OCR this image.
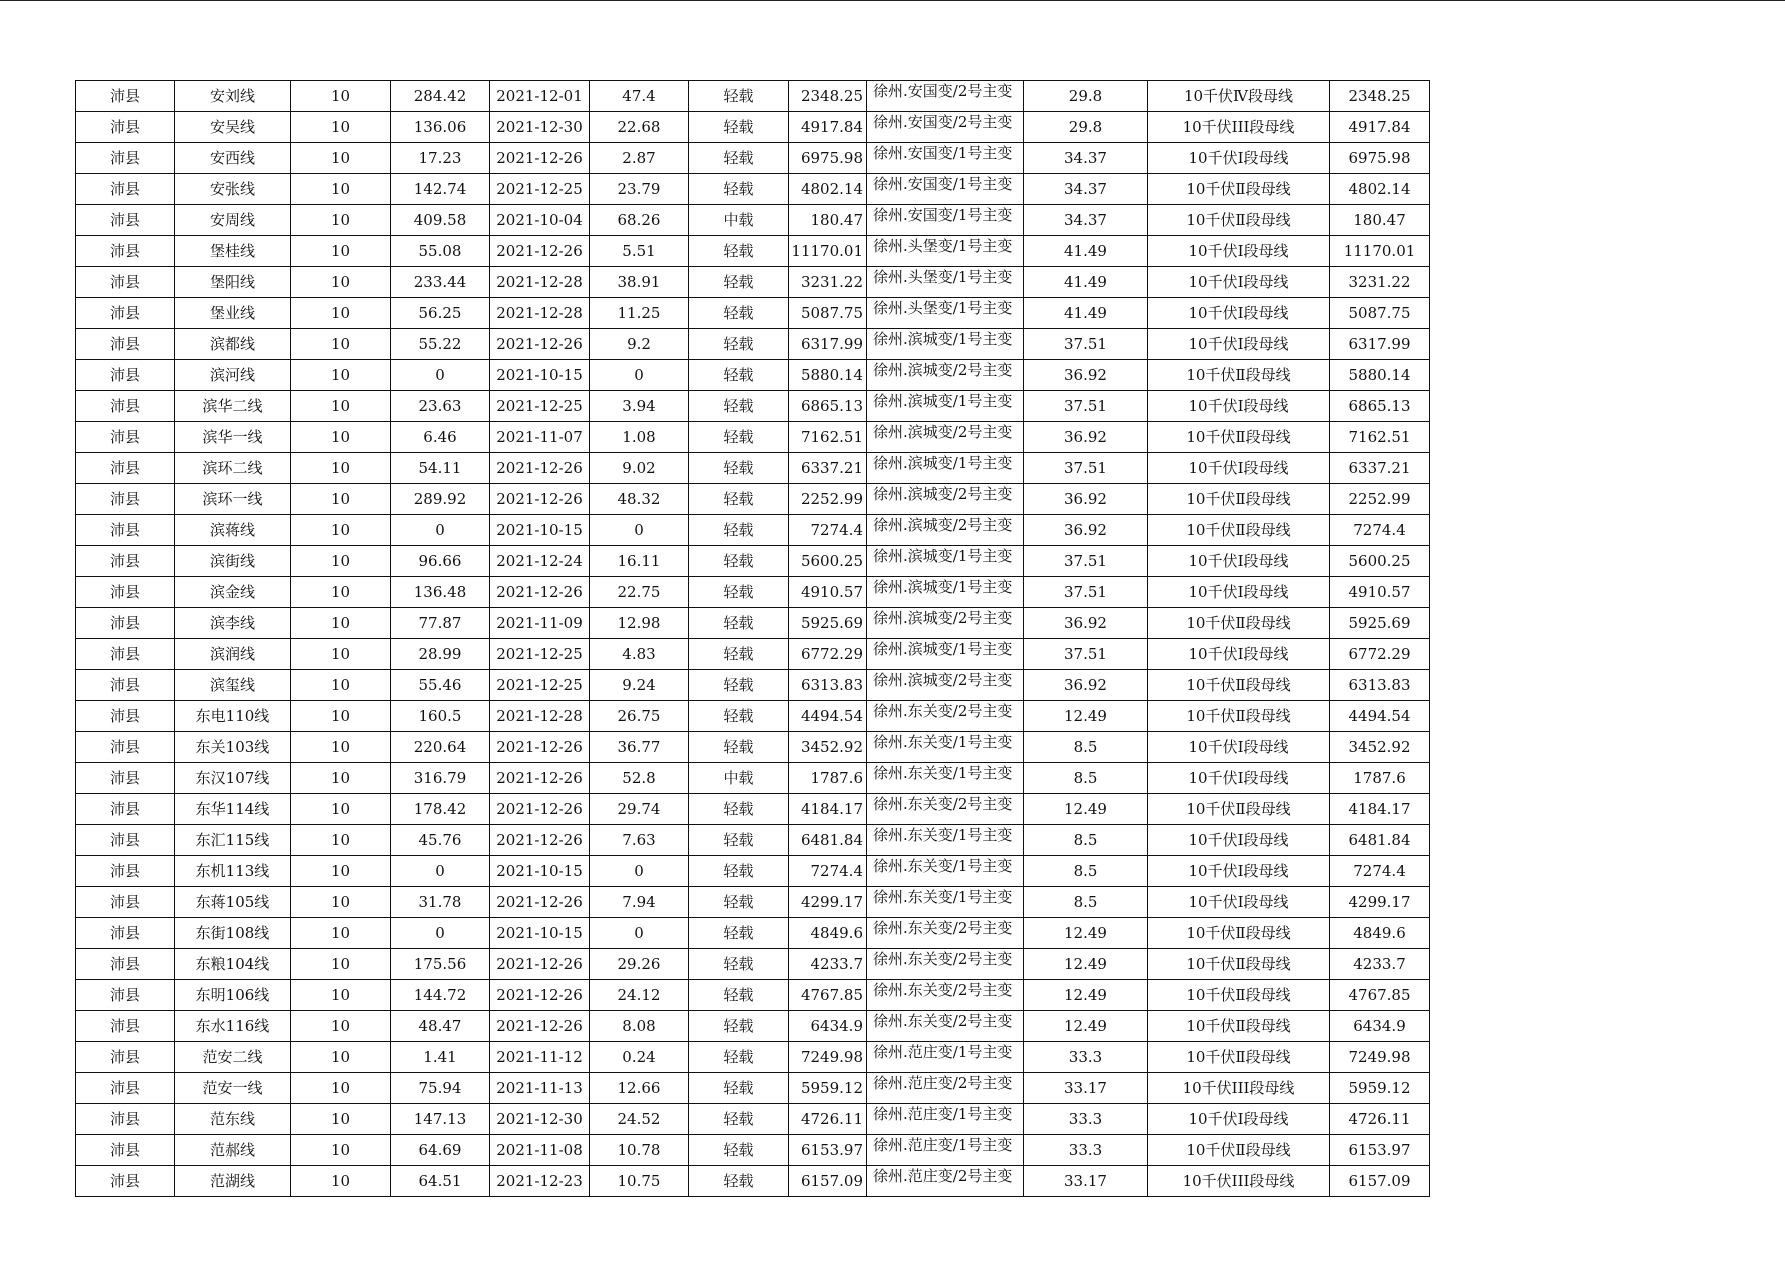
沛县	安刘线	10	284.42	2021-12-01	47.4	轻载	2348.25	徐州.安国变/2号主变	29.8	10千伏Ⅳ段母线	2348.25
沛县	安吴线	10	136.06	2021-12-30	22.68	轻载	4917.84	徐州.安国变/2号主变	29.8	10千伏III段母线	4917.84
沛县	安西线	10	17.23	2021-12-26	2.87	轻载	6975.98	徐州.安国变/1号主变	34.37	10千伏Ⅰ段母线	6975.98
沛县	安张线	10	142.74	2021-12-25	23.79	轻载	4802.14	徐州.安国变/1号主变	34.37	10千伏Ⅱ段母线	4802.14
沛县	安周线	10	409.58	2021-10-04	68.26	中载	180.47	徐州.安国变/1号主变	34.37	10千伏Ⅱ段母线	180.47
沛县	堡桂线	10	55.08	2021-12-26	5.51	轻载	11170.01	徐州.头堡变/1号主变	41.49	10千伏Ⅰ段母线	11170.01
沛县	堡阳线	10	233.44	2021-12-28	38.91	轻载	3231.22	徐州.头堡变/1号主变	41.49	10千伏Ⅰ段母线	3231.22
沛县	堡业线	10	56.25	2021-12-28	11.25	轻载	5087.75	徐州.头堡变/1号主变	41.49	10千伏Ⅰ段母线	5087.75
沛县	滨都线	10	55.22	2021-12-26	9.2	轻载	6317.99	徐州.滨城变/1号主变	37.51	10千伏Ⅰ段母线	6317.99
沛县	滨河线	10	0	2021-10-15	0	轻载	5880.14	徐州.滨城变/2号主变	36.92	10千伏Ⅱ段母线	5880.14
沛县	滨华二线	10	23.63	2021-12-25	3.94	轻载	6865.13	徐州.滨城变/1号主变	37.51	10千伏Ⅰ段母线	6865.13
沛县	滨华一线	10	6.46	2021-11-07	1.08	轻载	7162.51	徐州.滨城变/2号主变	36.92	10千伏Ⅱ段母线	7162.51
沛县	滨环二线	10	54.11	2021-12-26	9.02	轻载	6337.21	徐州.滨城变/1号主变	37.51	10千伏Ⅰ段母线	6337.21
沛县	滨环一线	10	289.92	2021-12-26	48.32	轻载	2252.99	徐州.滨城变/2号主变	36.92	10千伏Ⅱ段母线	2252.99
沛县	滨蒋线	10	0	2021-10-15	0	轻载	7274.4	徐州.滨城变/2号主变	36.92	10千伏Ⅱ段母线	7274.4
沛县	滨街线	10	96.66	2021-12-24	16.11	轻载	5600.25	徐州.滨城变/1号主变	37.51	10千伏Ⅰ段母线	5600.25
沛县	滨金线	10	136.48	2021-12-26	22.75	轻载	4910.57	徐州.滨城变/1号主变	37.51	10千伏Ⅰ段母线	4910.57
沛县	滨李线	10	77.87	2021-11-09	12.98	轻载	5925.69	徐州.滨城变/2号主变	36.92	10千伏Ⅱ段母线	5925.69
沛县	滨润线	10	28.99	2021-12-25	4.83	轻载	6772.29	徐州.滨城变/1号主变	37.51	10千伏Ⅰ段母线	6772.29
沛县	滨玺线	10	55.46	2021-12-25	9.24	轻载	6313.83	徐州.滨城变/2号主变	36.92	10千伏Ⅱ段母线	6313.83
沛县	东电110线	10	160.5	2021-12-28	26.75	轻载	4494.54	徐州.东关变/2号主变	12.49	10千伏Ⅱ段母线	4494.54
沛县	东关103线	10	220.64	2021-12-26	36.77	轻载	3452.92	徐州.东关变/1号主变	8.5	10千伏Ⅰ段母线	3452.92
沛县	东汉107线	10	316.79	2021-12-26	52.8	中载	1787.6	徐州.东关变/1号主变	8.5	10千伏Ⅰ段母线	1787.6
沛县	东华114线	10	178.42	2021-12-26	29.74	轻载	4184.17	徐州.东关变/2号主变	12.49	10千伏Ⅱ段母线	4184.17
沛县	东汇115线	10	45.76	2021-12-26	7.63	轻载	6481.84	徐州.东关变/1号主变	8.5	10千伏Ⅰ段母线	6481.84
沛县	东机113线	10	0	2021-10-15	0	轻载	7274.4	徐州.东关变/1号主变	8.5	10千伏Ⅰ段母线	7274.4
沛县	东蒋105线	10	31.78	2021-12-26	7.94	轻载	4299.17	徐州.东关变/1号主变	8.5	10千伏Ⅰ段母线	4299.17
沛县	东街108线	10	0	2021-10-15	0	轻载	4849.6	徐州.东关变/2号主变	12.49	10千伏Ⅱ段母线	4849.6
沛县	东粮104线	10	175.56	2021-12-26	29.26	轻载	4233.7	徐州.东关变/2号主变	12.49	10千伏Ⅱ段母线	4233.7
沛县	东明106线	10	144.72	2021-12-26	24.12	轻载	4767.85	徐州.东关变/2号主变	12.49	10千伏Ⅱ段母线	4767.85
沛县	东水116线	10	48.47	2021-12-26	8.08	轻载	6434.9	徐州.东关变/2号主变	12.49	10千伏Ⅱ段母线	6434.9
沛县	范安二线	10	1.41	2021-11-12	0.24	轻载	7249.98	徐州.范庄变/1号主变	33.3	10千伏Ⅱ段母线	7249.98
沛县	范安一线	10	75.94	2021-11-13	12.66	轻载	5959.12	徐州.范庄变/2号主变	33.17	10千伏III段母线	5959.12
沛县	范东线	10	147.13	2021-12-30	24.52	轻载	4726.11	徐州.范庄变/1号主变	33.3	10千伏Ⅰ段母线	4726.11
沛县	范郝线	10	64.69	2021-11-08	10.78	轻载	6153.97	徐州.范庄变/1号主变	33.3	10千伏Ⅱ段母线	6153.97
沛县	范湖线	10	64.51	2021-12-23	10.75	轻载	6157.09	徐州.范庄变/2号主变	33.17	10千伏III段母线	6157.09
